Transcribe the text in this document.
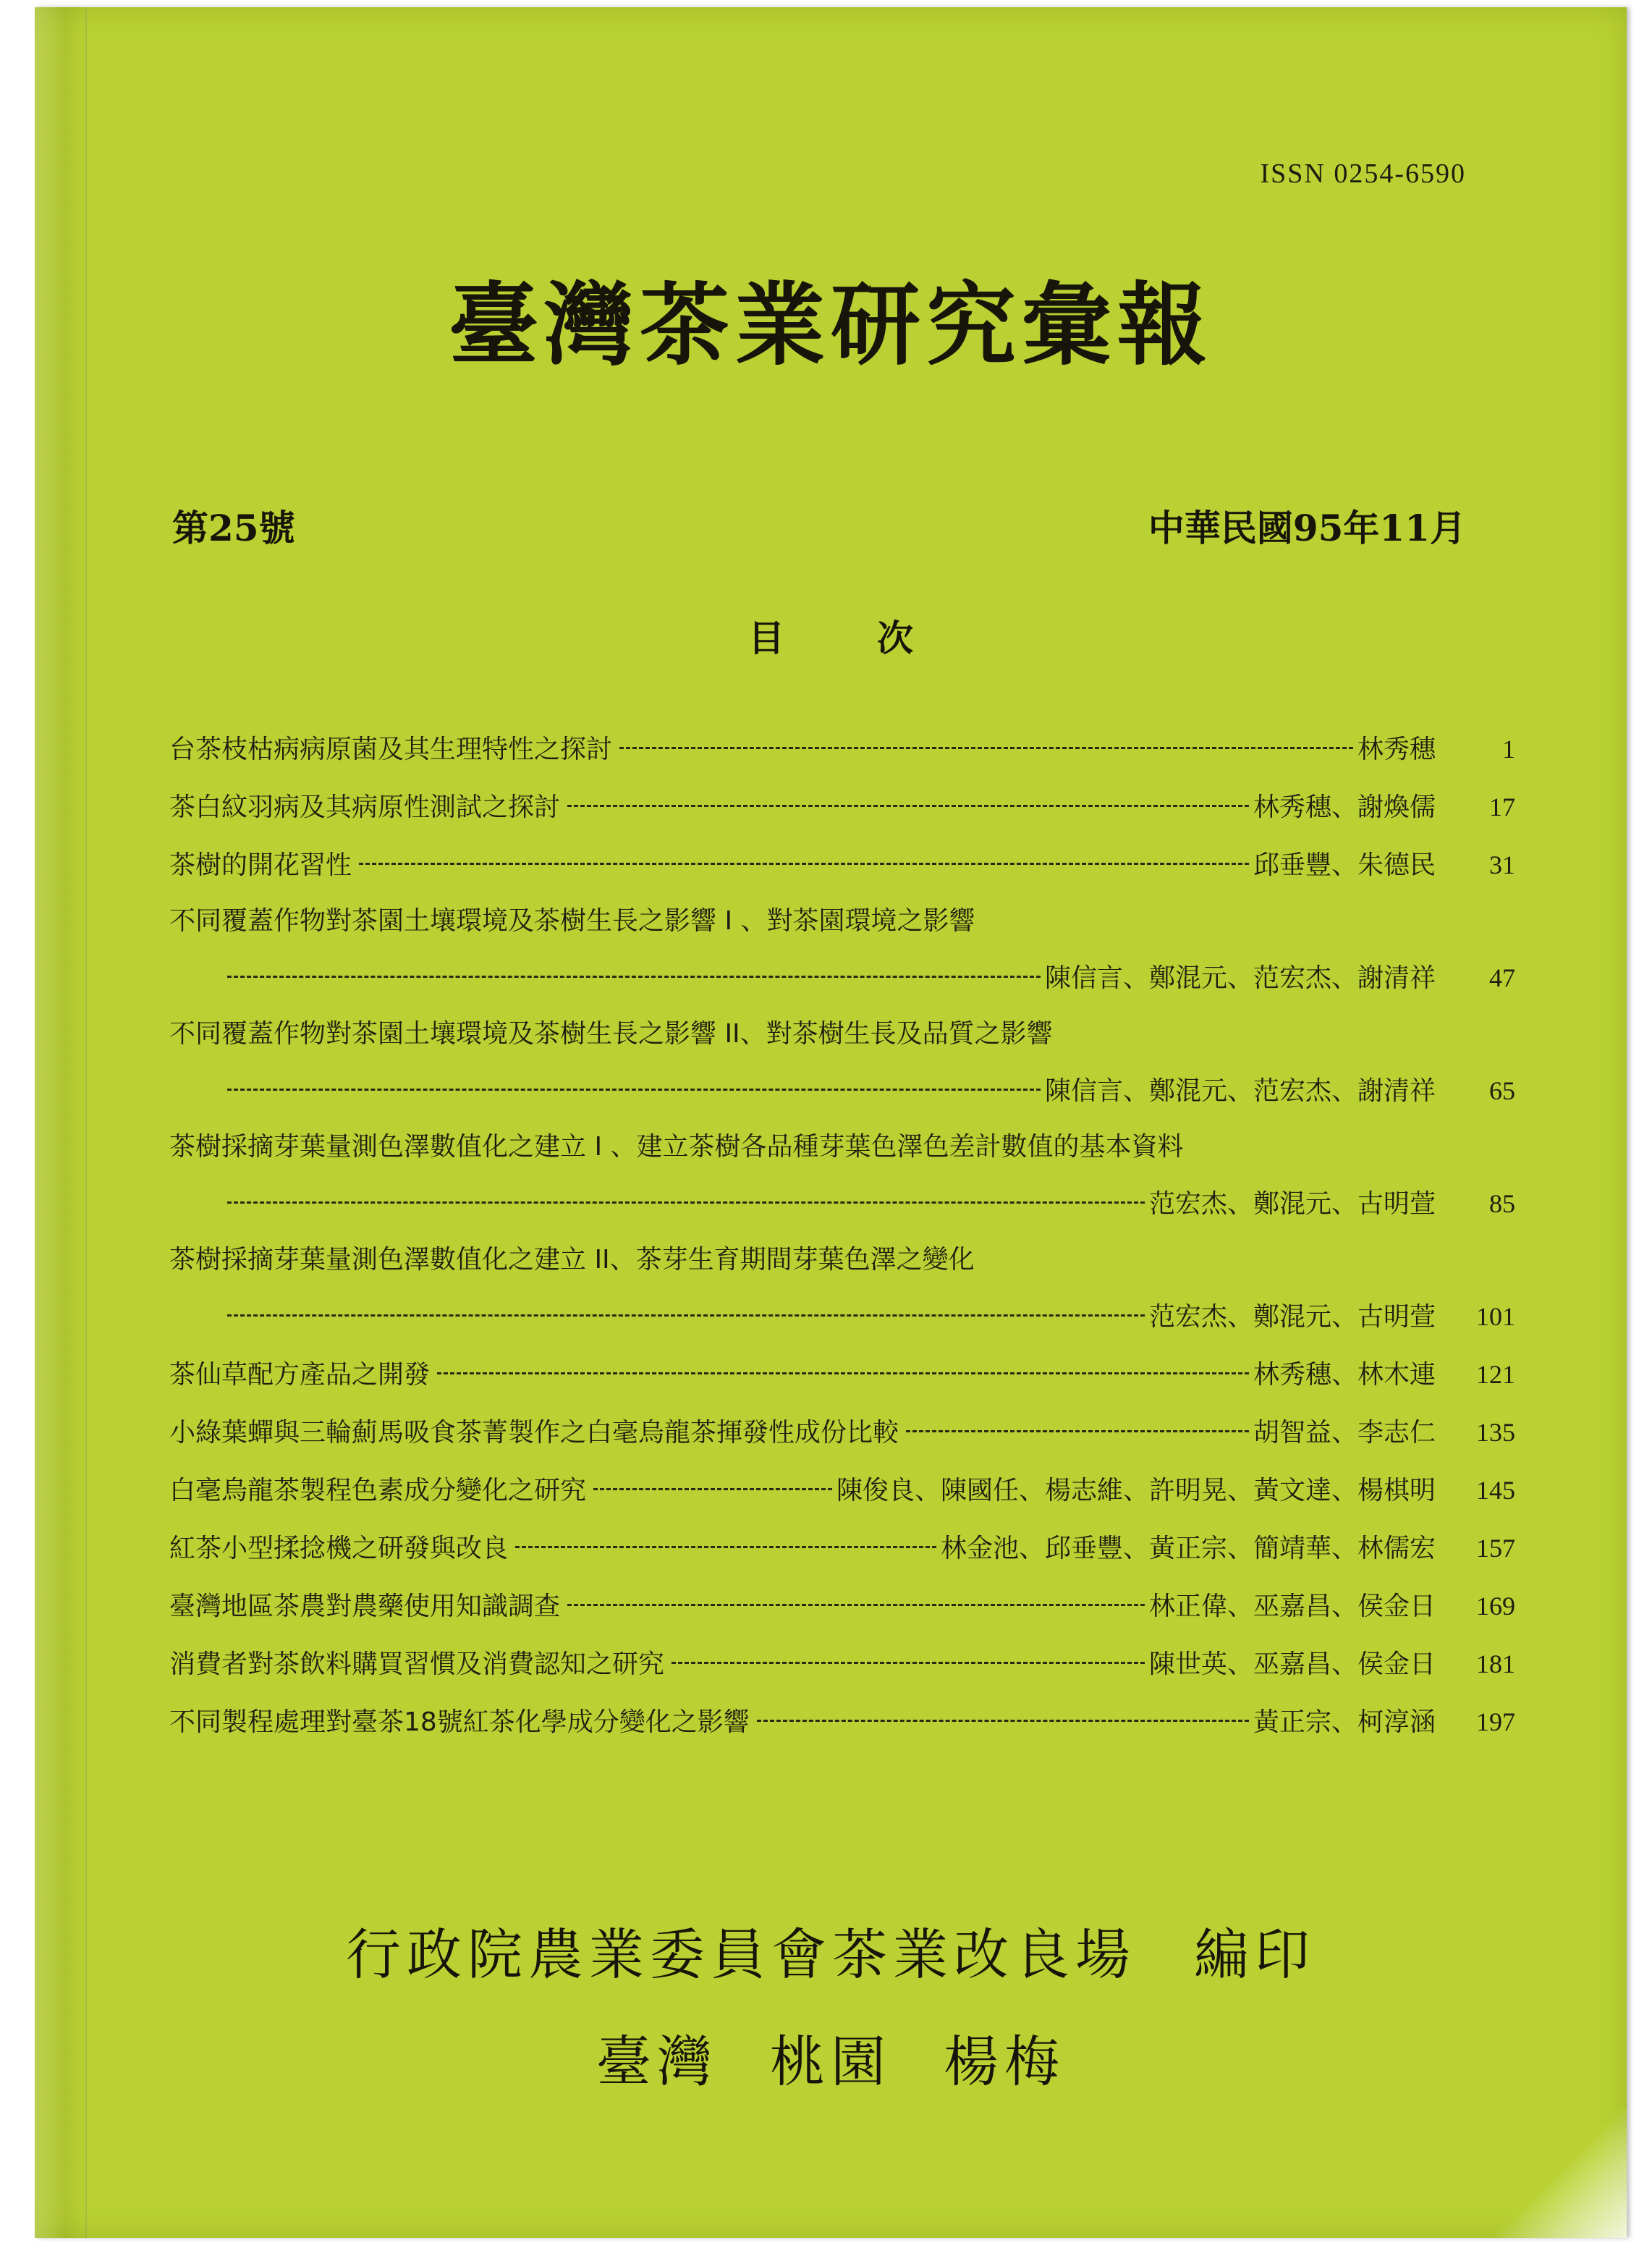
ISSN 0254-6590
臺灣茶業研究彙報
第25號	中華民國95年11月
目次
台茶枝枯病病原菌及其生理特性之探討	林秀穗	1
茶白紋羽病及其病原性測試之探討	林秀穗、謝煥儒	17
茶樹的開花習性	邱垂豐、朱德民	31
不同覆蓋作物對茶園土壤環境及茶樹生長之影響 I 、對茶園環境之影響
陳信言、鄭混元、范宏杰、謝清祥	47
不同覆蓋作物對茶園土壤環境及茶樹生長之影響 II、對茶樹生長及品質之影響
陳信言、鄭混元、范宏杰、謝清祥	65
茶樹採摘芽葉量測色澤數值化之建立 I 、建立茶樹各品種芽葉色澤色差計數值的基本資料
范宏杰、鄭混元、古明萱	85
茶樹採摘芽葉量測色澤數值化之建立 II、茶芽生育期間芽葉色澤之變化
范宏杰、鄭混元、古明萱	101
茶仙草配方產品之開發	林秀穗、林木連	121
小綠葉蟬與三輪薊馬吸食茶菁製作之白毫烏龍茶揮發性成份比較	胡智益、李志仁	135
白毫烏龍茶製程色素成分變化之研究	陳俊良、陳國任、楊志維、許明晃、黃文達、楊棋明	145
紅茶小型揉捻機之研發與改良	林金池、邱垂豐、黃正宗、簡靖華、林儒宏	157
臺灣地區茶農對農藥使用知識調查	林正偉、巫嘉昌、侯金日	169
消費者對茶飲料購買習慣及消費認知之研究	陳世英、巫嘉昌、侯金日	181
不同製程處理對臺茶18號紅茶化學成分變化之影響	黃正宗、柯淳涵	197
行政院農業委員會茶業改良場 編印
臺灣 桃園 楊梅
